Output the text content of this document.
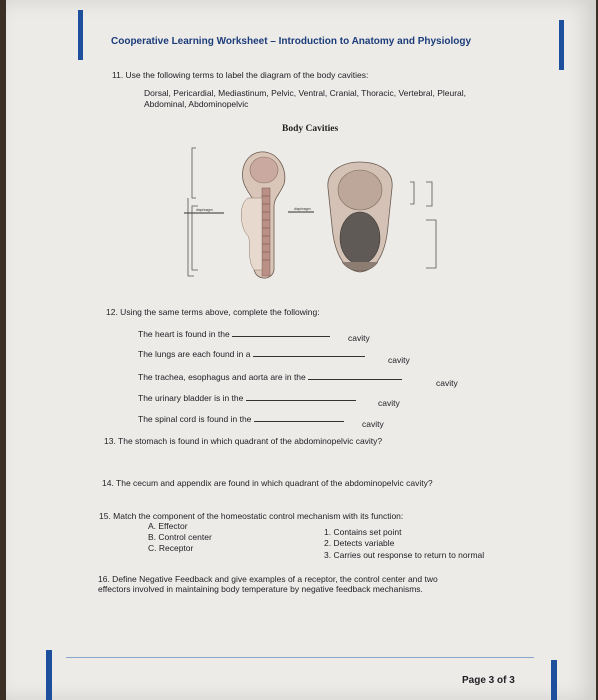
Cooperative Learning Worksheet – Introduction to Anatomy and Physiology
11. Use the following terms to label the diagram of the body cavities:
Dorsal, Pericardial, Mediastinum, Pelvic, Ventral, Cranial, Thoracic, Vertebral, Pleural,
Abdominal, Abdominopelvic
Body Cavities
diaphragm	diaphragm
12. Using the same terms above, complete the following:
The heart is found in the	cavity
The lungs are each found in a
cavity
The trachea, esophagus and aorta are in the
cavity
The urinary bladder is in the	cavity
The spinal cord is found in the	cavity
13. The stomach is found in which quadrant of the abdominopelvic cavity?
14. The cecum and appendix are found in which quadrant of the abdominopelvic cavity?
15. Match the component of the homeostatic control mechanism with its function:
A. Effector
B. Control center
C. Receptor
1. Contains set point
2. Detects variable
3. Carries out response to return to normal
16. Define Negative Feedback and give examples of a receptor, the control center and two
effectors involved in maintaining body temperature by negative feedback mechanisms.
Page 3 of 3
